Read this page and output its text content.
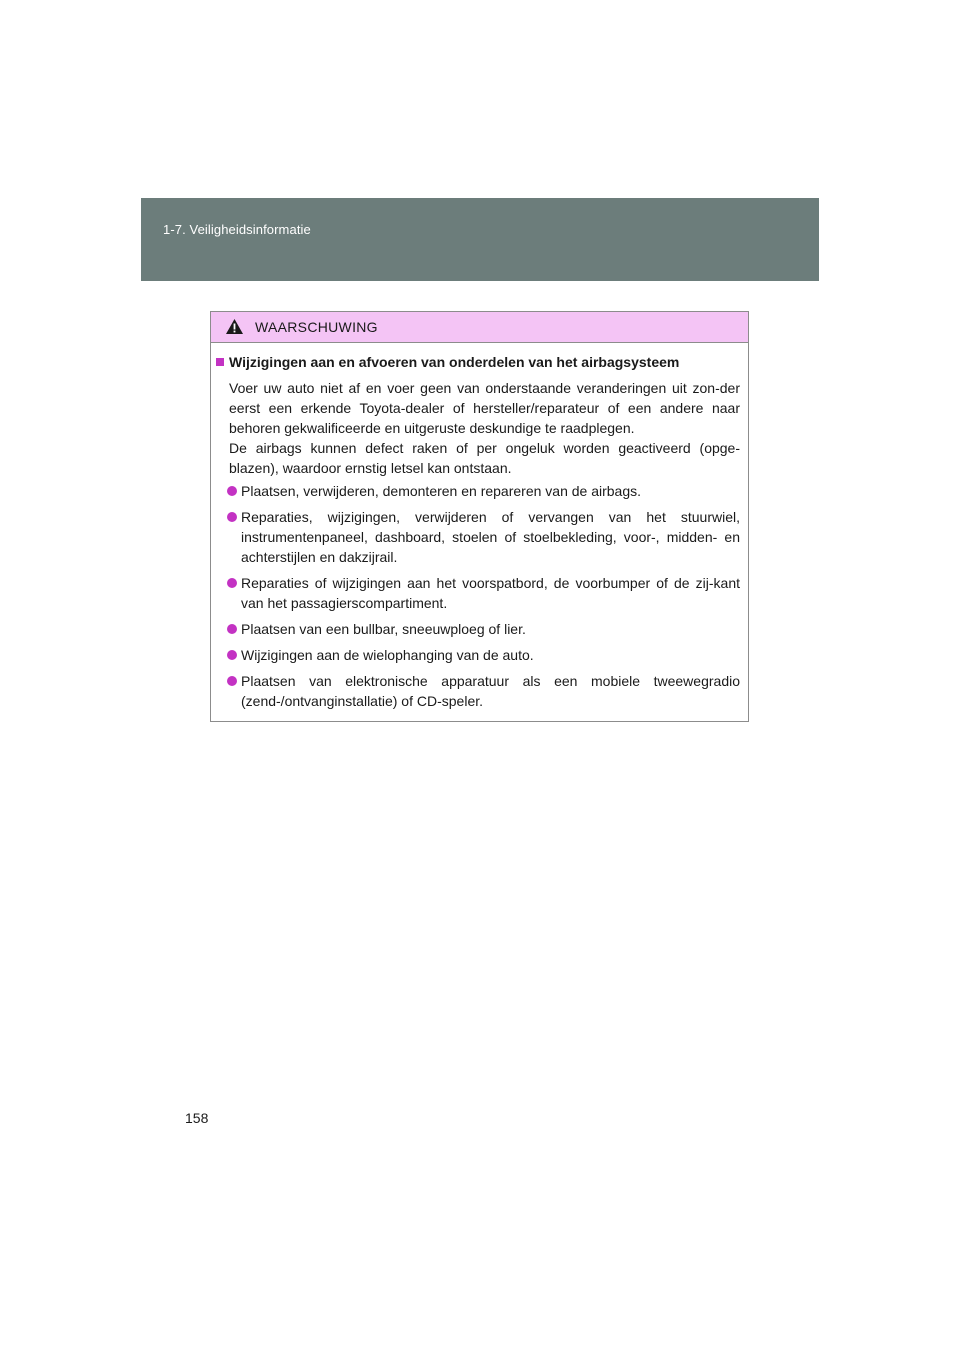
1-7. Veiligheidsinformatie
WAARSCHUWING
Wijzigingen aan en afvoeren van onderdelen van het airbagsysteem

Voer uw auto niet af en voer geen van onderstaande veranderingen uit zon-der eerst een erkende Toyota-dealer of hersteller/reparateur of een andere naar behoren gekwalificeerde en uitgeruste deskundige te raadplegen.

De airbags kunnen defect raken of per ongeluk worden geactiveerd (opge-blazen), waardoor ernstig letsel kan ontstaan.

Plaatsen, verwijderen, demonteren en repareren van de airbags.
Reparaties, wijzigingen, verwijderen of vervangen van het stuurwiel, instrumentenpaneel, dashboard, stoelen of stoelbekleding, voor-, midden- en achterstijlen en dakzijrail.
Reparaties of wijzigingen aan het voorspatbord, de voorbumper of de zij-kant van het passagierscompartiment.
Plaatsen van een bullbar, sneeuwploeg of lier.
Wijzigingen aan de wielophanging van de auto.
Plaatsen van elektronische apparatuur als een mobiele tweewegradio (zend-/ontvanginstallatie) of CD-speler.
158
